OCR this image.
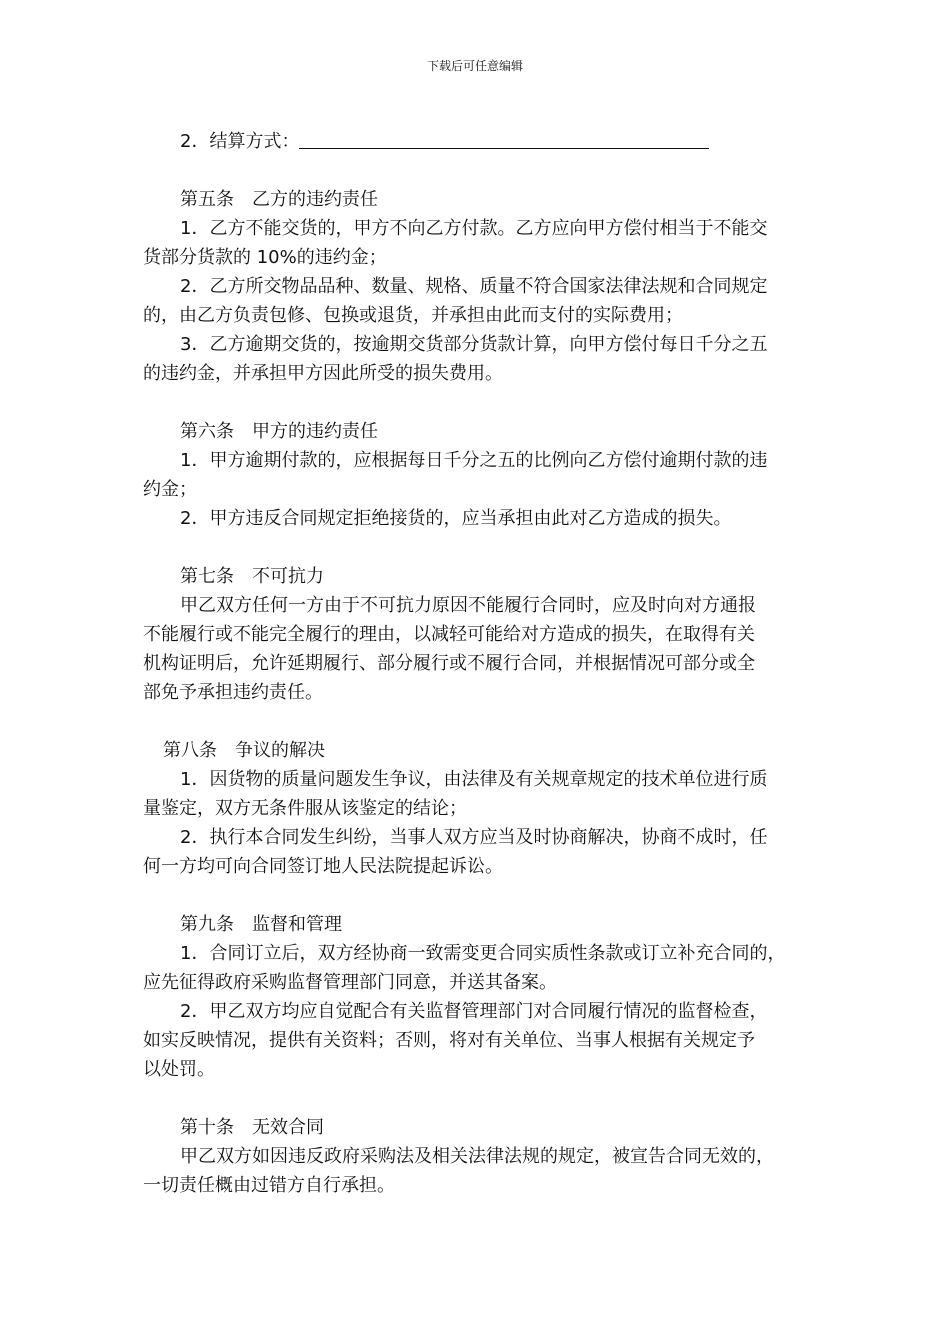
下载后可任意编辑
2．结算方式：
第五条　乙方的违约责任
1．乙方不能交货的，甲方不向乙方付款。乙方应向甲方偿付相当于不能交
货部分货款的 10%的违约金；
2．乙方所交物品品种、数量、规格、质量不符合国家法律法规和合同规定
的，由乙方负责包修、包换或退货，并承担由此而支付的实际费用；
3．乙方逾期交货的，按逾期交货部分货款计算，向甲方偿付每日千分之五
的违约金，并承担甲方因此所受的损失费用。
第六条　甲方的违约责任
1．甲方逾期付款的，应根据每日千分之五的比例向乙方偿付逾期付款的违
约金；
2．甲方违反合同规定拒绝接货的，应当承担由此对乙方造成的损失。
第七条　不可抗力
甲乙双方任何一方由于不可抗力原因不能履行合同时，应及时向对方通报
不能履行或不能完全履行的理由，以减轻可能给对方造成的损失，在取得有关
机构证明后，允许延期履行、部分履行或不履行合同，并根据情况可部分或全
部免予承担违约责任。
第八条　争议的解决
1．因货物的质量问题发生争议，由法律及有关规章规定的技术单位进行质
量鉴定，双方无条件服从该鉴定的结论；
2．执行本合同发生纠纷，当事人双方应当及时协商解决，协商不成时，任
何一方均可向合同签订地人民法院提起诉讼。
第九条　监督和管理
1．合同订立后，双方经协商一致需变更合同实质性条款或订立补充合同的，
应先征得政府采购监督管理部门同意，并送其备案。
2．甲乙双方均应自觉配合有关监督管理部门对合同履行情况的监督检查，
如实反映情况，提供有关资料；否则，将对有关单位、当事人根据有关规定予
以处罚。
第十条　无效合同
甲乙双方如因违反政府采购法及相关法律法规的规定，被宣告合同无效的，
一切责任概由过错方自行承担。
